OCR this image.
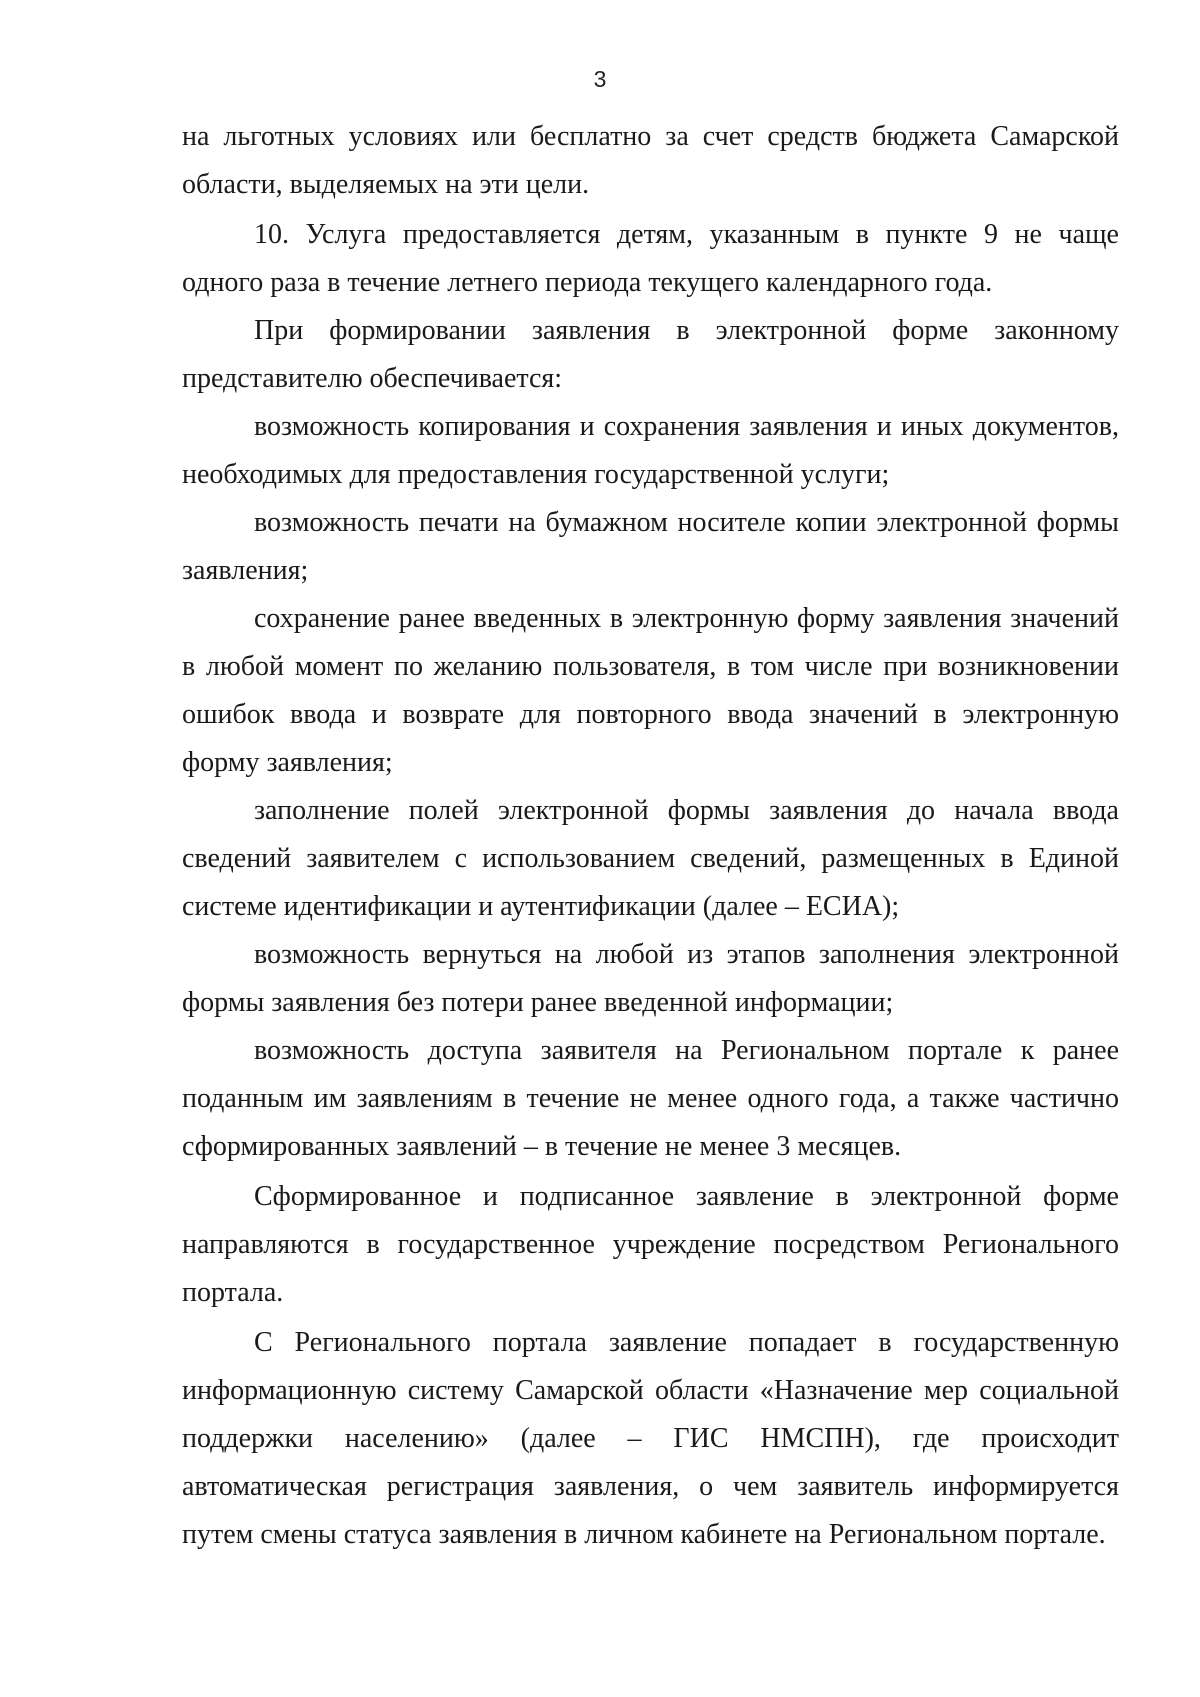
3

на льготных условиях или бесплатно за счет средств бюджета Самарской области, выделяемых на эти цели.

10. Услуга предоставляется детям, указанным в пункте 9 не чаще одного раза в течение летнего периода текущего календарного года.

При формировании заявления в электронной форме законному представителю обеспечивается:

возможность копирования и сохранения заявления и иных документов, необходимых для предоставления государственной услуги;

возможность печати на бумажном носителе копии электронной формы заявления;

сохранение ранее введенных в электронную форму заявления значений в любой момент по желанию пользователя, в том числе при возникновении ошибок ввода и возврате для повторного ввода значений в электронную форму заявления;

заполнение полей электронной формы заявления до начала ввода сведений заявителем с использованием сведений, размещенных в Единой системе идентификации и аутентификации (далее – ЕСИА);

возможность вернуться на любой из этапов заполнения электронной формы заявления без потери ранее введенной информации;

возможность доступа заявителя на Региональном портале к ранее поданным им заявлениям в течение не менее одного года, а также частично сформированных заявлений – в течение не менее 3 месяцев.

Сформированное и подписанное заявление в электронной форме направляются в государственное учреждение посредством Регионального портала.

С Регионального портала заявление попадает в государственную информационную систему Самарской области «Назначение мер социальной поддержки населению» (далее – ГИС НМСПН), где происходит автоматическая регистрация заявления, о чем заявитель информируется путем смены статуса заявления в личном кабинете на Региональном портале.
